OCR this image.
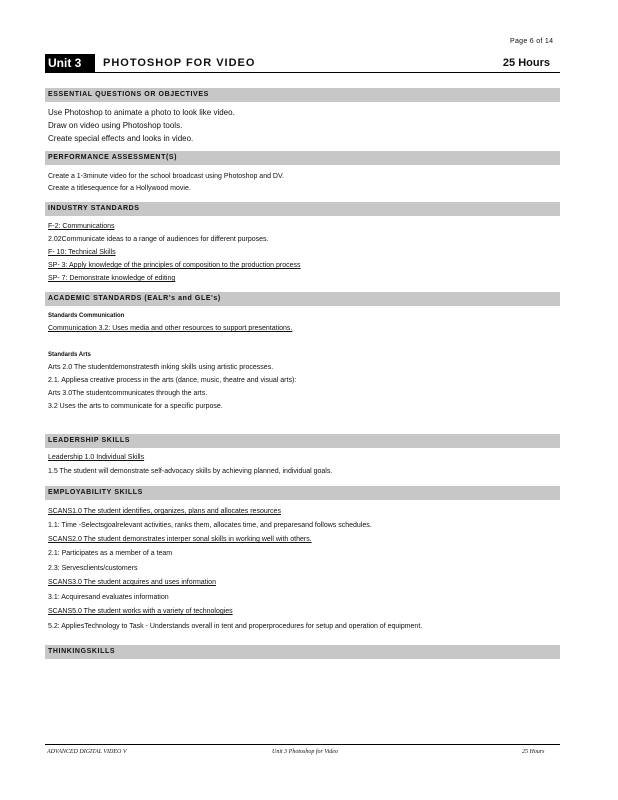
Page 6 of 14
Unit 3	PHOTOSHOP FOR VIDEO	25 Hours
ESSENTIAL QUESTIONS OR OBJECTIVES
Use Photoshop to animate a photo to look like video.
Draw on video using Photoshop tools.
Create special effects and looks in video.
PERFORMANCE ASSESSMENT(S)
Create a 1-3minute video for the school broadcast using Photoshop and DV.
Create a titlesequence for a Hollywood movie.
INDUSTRY STANDARDS
F-2: Communications
2.02Communicate ideas to a range of audiences for different purposes.
F- 10: Technical Skills
SP- 3: Apply knowledge of the principles of composition to the production process
SP- 7: Demonstrate knowledge of editing
ACADEMIC STANDARDS (EALR's and GLE's)
Standards Communication
Communication 3.2: Uses media and other resources to support presentations.
Standards Arts
Arts 2.0 The studentdemonstratesth inking skills using artistic processes.
2.1. Appliesa creative process in the arts (dance, music, theatre and visual arts):
Arts 3.0The studentcommunicates through the arts.
3.2 Uses the arts to communicate for a specific purpose.
LEADERSHIP SKILLS
Leadership 1.0 Individual Skills
1.5 The student will demonstrate self-advocacy skills by achieving planned, individual goals.
EMPLOYABILITY SKILLS
SCANS1.0 The student identifies, organizes, plans and allocates resources
1.1: Time -Selectsgoalrelevant activities, ranks them, allocates time, and preparesand follows schedules.
SCANS2.0 The student demonstrates interper sonal skills in working well with others.
2.1: Participates as a member of a team
2.3: Servesclients/customers
SCANS3.0 The student acquires and uses information
3.1: Acquiresand evaluates information
SCANS5.0 The student works with a variety of technologies
5.2: AppliesTechnology to Task - Understands overall in tent and properprocedures for setup and operation of equipment.
THINKINGSKILLS
ADVANCED DIGITAL VIDEO V	Unit 3 Photoshop for Video	25 Hours
